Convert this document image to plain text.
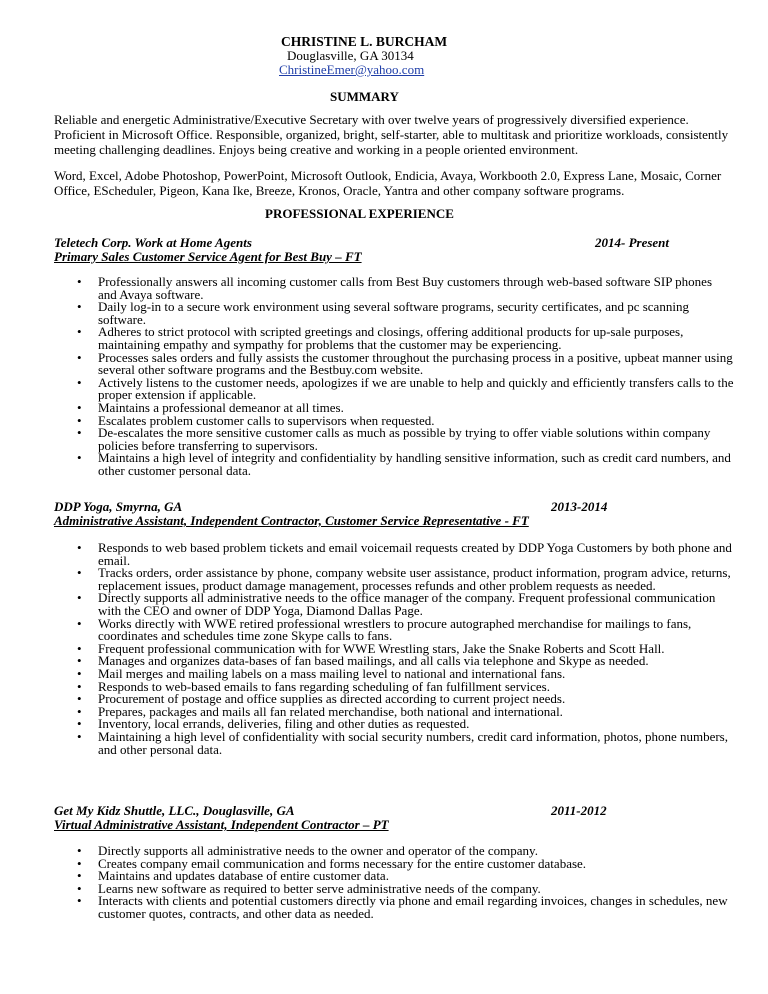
CHRISTINE L. BURCHAM
Douglasville, GA 30134
ChristineEmer@yahoo.com
SUMMARY

Reliable and energetic Administrative/Executive Secretary with over twelve years of progressively diversified experience. Proficient in Microsoft Office. Responsible, organized, bright, self-starter, able to multitask and prioritize workloads, consistently meeting challenging deadlines. Enjoys being creative and working in a people oriented environment.

Word, Excel, Adobe Photoshop, PowerPoint, Microsoft Outlook, Endicia, Avaya, Workbooth 2.0, Express Lane, Mosaic, Corner Office, EScheduler, Pigeon, Kana Ike, Breeze, Kronos, Oracle, Yantra and other company software programs.

PROFESSIONAL EXPERIENCE
Teletech Corp. Work at Home Agents	2014- Present
Primary Sales Customer Service Agent for Best Buy – FT
• Professionally answers all incoming customer calls from Best Buy customers through web-based software SIP phones and Avaya software.
• Daily log-in to a secure work environment using several software programs, security certificates, and pc scanning software.
• Adheres to strict protocol with scripted greetings and closings, offering additional products for up-sale purposes, maintaining empathy and sympathy for problems that the customer may be experiencing.
• Processes sales orders and fully assists the customer throughout the purchasing process in a positive, upbeat manner using several other software programs and the Bestbuy.com website.
• Actively listens to the customer needs, apologizes if we are unable to help and quickly and efficiently transfers calls to the proper extension if applicable.
• Maintains a professional demeanor at all times.
• Escalates problem customer calls to supervisors when requested.
• De-escalates the more sensitive customer calls as much as possible by trying to offer viable solutions within company policies before transferring to supervisors.
• Maintains a high level of integrity and confidentiality by handling sensitive information, such as credit card numbers, and other customer personal data.
DDP Yoga, Smyrna, GA	2013-2014
Administrative Assistant, Independent Contractor, Customer Service Representative - FT
• Responds to web based problem tickets and email voicemail requests created by DDP Yoga Customers by both phone and email.
• Tracks orders, order assistance by phone, company website user assistance, product information, program advice, returns, replacement issues, product damage management, processes refunds and other problem requests as needed.
• Directly supports all administrative needs to the office manager of the company. Frequent professional communication with the CEO and owner of DDP Yoga, Diamond Dallas Page.
• Works directly with WWE retired professional wrestlers to procure autographed merchandise for mailings to fans, coordinates and schedules time zone Skype calls to fans.
• Frequent professional communication with for WWE Wrestling stars, Jake the Snake Roberts and Scott Hall.
• Manages and organizes data-bases of fan based mailings, and all calls via telephone and Skype as needed.
• Mail merges and mailing labels on a mass mailing level to national and international fans.
• Responds to web-based emails to fans regarding scheduling of fan fulfillment services.
• Procurement of postage and office supplies as directed according to current project needs.
• Prepares, packages and mails all fan related merchandise, both national and international.
• Inventory, local errands, deliveries, filing and other duties as requested.
• Maintaining a high level of confidentiality with social security numbers, credit card information, photos, phone numbers, and other personal data.
Get My Kidz Shuttle, LLC., Douglasville, GA	2011-2012
Virtual Administrative Assistant, Independent Contractor – PT
• Directly supports all administrative needs to the owner and operator of the company.
• Creates company email communication and forms necessary for the entire customer database.
• Maintains and updates database of entire customer data.
• Learns new software as required to better serve administrative needs of the company.
• Interacts with clients and potential customers directly via phone and email regarding invoices, changes in schedules, new customer quotes, contracts, and other data as needed.
